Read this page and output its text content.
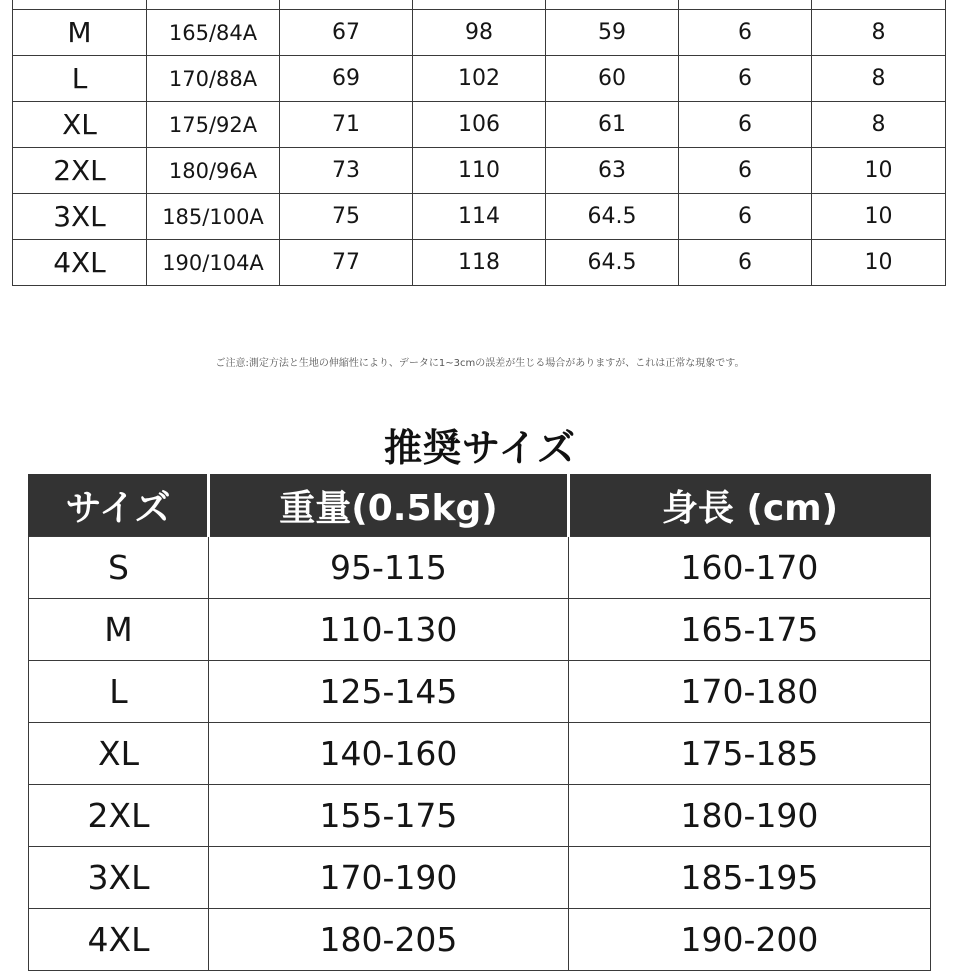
M	165/84A	67	98	59	6	8
L	170/88A	69	102	60	6	8
XL	175/92A	71	106	61	6	8
2XL	180/96A	73	110	63	6	10
3XL	185/100A	75	114	64.5	6	10
4XL	190/104A	77	118	64.5	6	10
ご注意:測定方法と生地の伸縮性により、データに1~3cmの誤差が生じる場合がありますが、これは正常な現象です。
推奨サイズ
サイズ	重量(0.5kg)	身長 (cm)
S	95-115	160-170
M	110-130	165-175
L	125-145	170-180
XL	140-160	175-185
2XL	155-175	180-190
3XL	170-190	185-195
4XL	180-205	190-200
